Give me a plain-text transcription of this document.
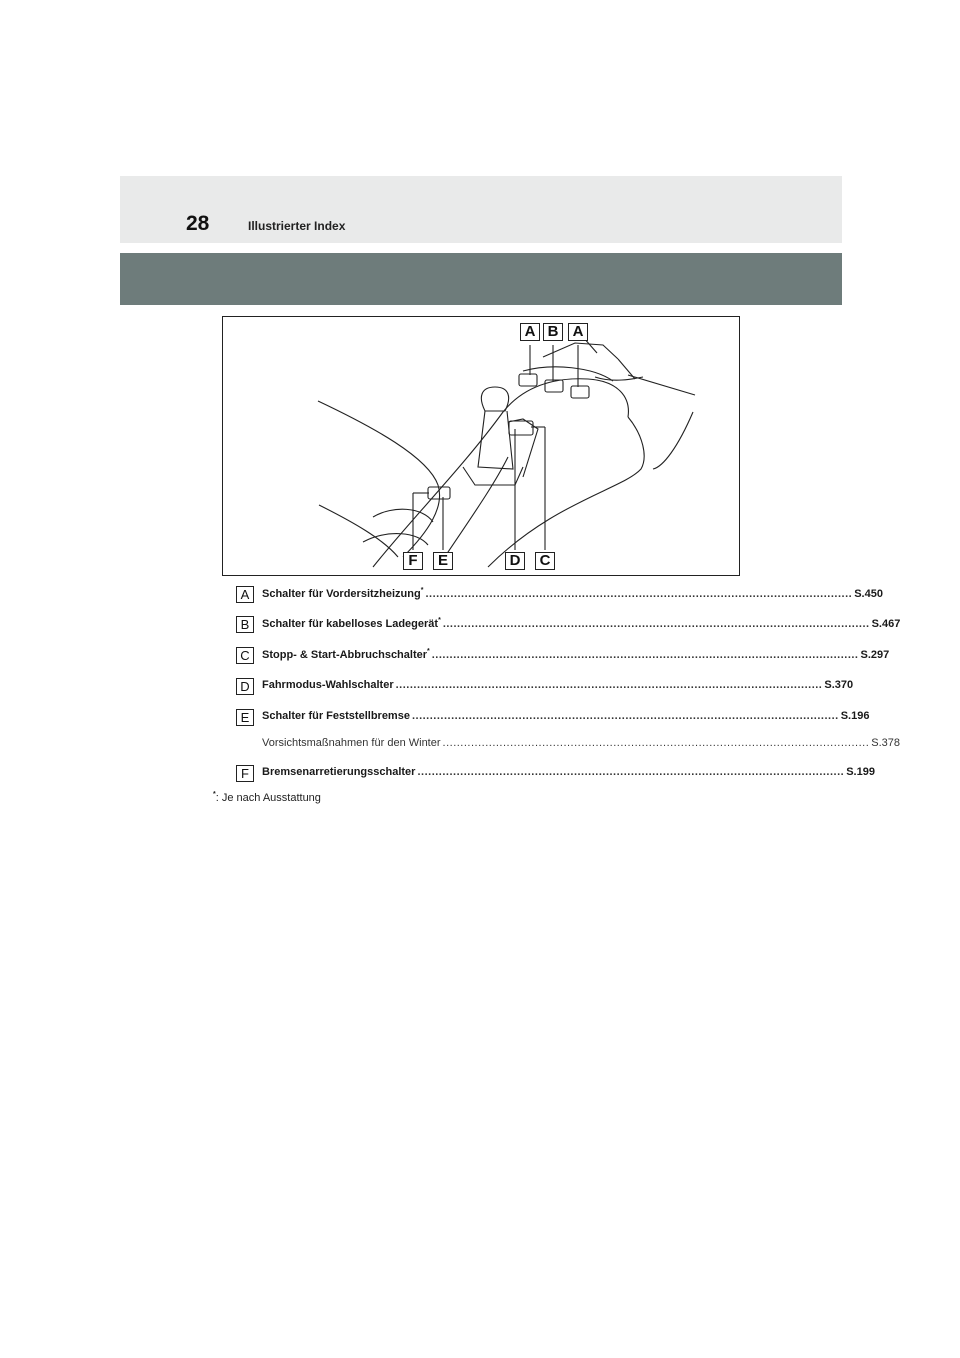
28	Illustrierter Index
A B A
F	E	D	C
A	Schalter für Vordersitzheizung* ........................................................................................................................ S.450
B	Schalter für kabelloses Ladegerät* ........................................................................................................................ S.467
C	Stopp- & Start-Abbruchschalter* ........................................................................................................................ S.297
D	Fahrmodus-Wahlschalter ........................................................................................................................ S.370
E	Schalter für Feststellbremse ........................................................................................................................ S.196
Vorsichtsmaßnahmen für den Winter ........................................................................................................................ S.378
F	Bremsenarretierungsschalter ........................................................................................................................ S.199
*: Je nach Ausstattung
